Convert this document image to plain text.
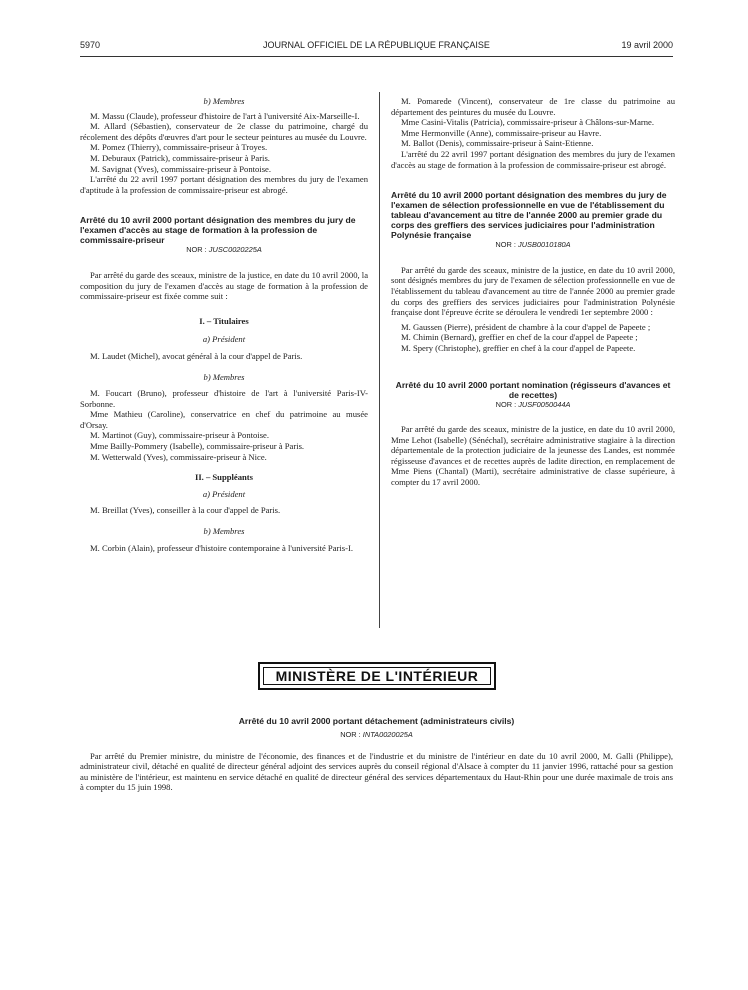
5970	JOURNAL OFFICIEL DE LA RÉPUBLIQUE FRANÇAISE	19 avril 2000

b) Membres

M. Massu (Claude), professeur d'histoire de l'art à l'université Aix-Marseille-I.

M. Allard (Sébastien), conservateur de 2e classe du patrimoine, chargé du récolement des dépôts d'œuvres d'art pour le secteur peintures au musée du Louvre.

M. Pomez (Thierry), commissaire-priseur à Troyes.

M. Deburaux (Patrick), commissaire-priseur à Paris.

M. Savignat (Yves), commissaire-priseur à Pontoise.

L'arrêté du 22 avril 1997 portant désignation des membres du jury de l'examen d'aptitude à la profession de commissaire-priseur est abrogé.

Arrêté du 10 avril 2000 portant désignation des membres du jury de l'examen d'accès au stage de formation à la profession de commissaire-priseur

NOR : JUSC0020225A

Par arrêté du garde des sceaux, ministre de la justice, en date du 10 avril 2000, la composition du jury de l'examen d'accès au stage de formation à la profession de commissaire-priseur est fixée comme suit :

I. – Titulaires

a) Président

M. Laudet (Michel), avocat général à la cour d'appel de Paris.

b) Membres

M. Foucart (Bruno), professeur d'histoire de l'art à l'université Paris-IV-Sorbonne.

Mme Mathieu (Caroline), conservatrice en chef du patrimoine au musée d'Orsay.

M. Martinot (Guy), commissaire-priseur à Pontoise.

Mme Bailly-Pommery (Isabelle), commissaire-priseur à Paris.

M. Wetterwald (Yves), commissaire-priseur à Nice.

II. – Suppléants

a) Président

M. Breillat (Yves), conseiller à la cour d'appel de Paris.

b) Membres

M. Corbin (Alain), professeur d'histoire contemporaine à l'université Paris-I.

M. Pomarede (Vincent), conservateur de 1re classe du patrimoine au département des peintures du musée du Louvre.

Mme Casini-Vitalis (Patricia), commissaire-priseur à Châlons-sur-Marne.

Mme Hermonville (Anne), commissaire-priseur au Havre.

M. Ballot (Denis), commissaire-priseur à Saint-Etienne.

L'arrêté du 22 avril 1997 portant désignation des membres du jury de l'examen d'accès au stage de formation à la profession de commissaire-priseur est abrogé.

Arrêté du 10 avril 2000 portant désignation des membres du jury de l'examen de sélection professionnelle en vue de l'établissement du tableau d'avancement au titre de l'année 2000 au premier grade du corps des greffiers des services judiciaires pour l'administration Polynésie française

NOR : JUSB0010180A

Par arrêté du garde des sceaux, ministre de la justice, en date du 10 avril 2000, sont désignés membres du jury de l'examen de sélection professionnelle en vue de l'établissement du tableau d'avancement au titre de l'année 2000 au premier grade du corps des greffiers des services judiciaires pour l'administration Polynésie française dont l'épreuve écrite se déroulera le vendredi 1er septembre 2000 :

M. Gaussen (Pierre), président de chambre à la cour d'appel de Papeete ;

M. Chimin (Bernard), greffier en chef de la cour d'appel de Papeete ;

M. Spery (Christophe), greffier en chef à la cour d'appel de Papeete.

Arrêté du 10 avril 2000 portant nomination (régisseurs d'avances et de recettes)

NOR : JUSF0050044A

Par arrêté du garde des sceaux, ministre de la justice, en date du 10 avril 2000, Mme Lehot (Isabelle) (Sénéchal), secrétaire administrative stagiaire à la direction départementale de la protection judiciaire de la jeunesse des Landes, est nommée régisseuse d'avances et de recettes auprès de ladite direction, en remplacement de Mme Piens (Chantal) (Marti), secrétaire administrative de classe supérieure, à compter du 17 avril 2000.

MINISTÈRE DE L'INTÉRIEUR

Arrêté du 10 avril 2000 portant détachement (administrateurs civils)

NOR : INTA0020025A

Par arrêté du Premier ministre, du ministre de l'économie, des finances et de l'industrie et du ministre de l'intérieur en date du 10 avril 2000, M. Galli (Philippe), administrateur civil, détaché en qualité de directeur général adjoint des services auprès du conseil régional d'Alsace à compter du 11 janvier 1996, rattaché pour sa gestion au ministère de l'intérieur, est maintenu en service détaché en qualité de directeur général des services départementaux du Haut-Rhin pour une durée maximale de trois ans à compter du 15 juin 1998.
